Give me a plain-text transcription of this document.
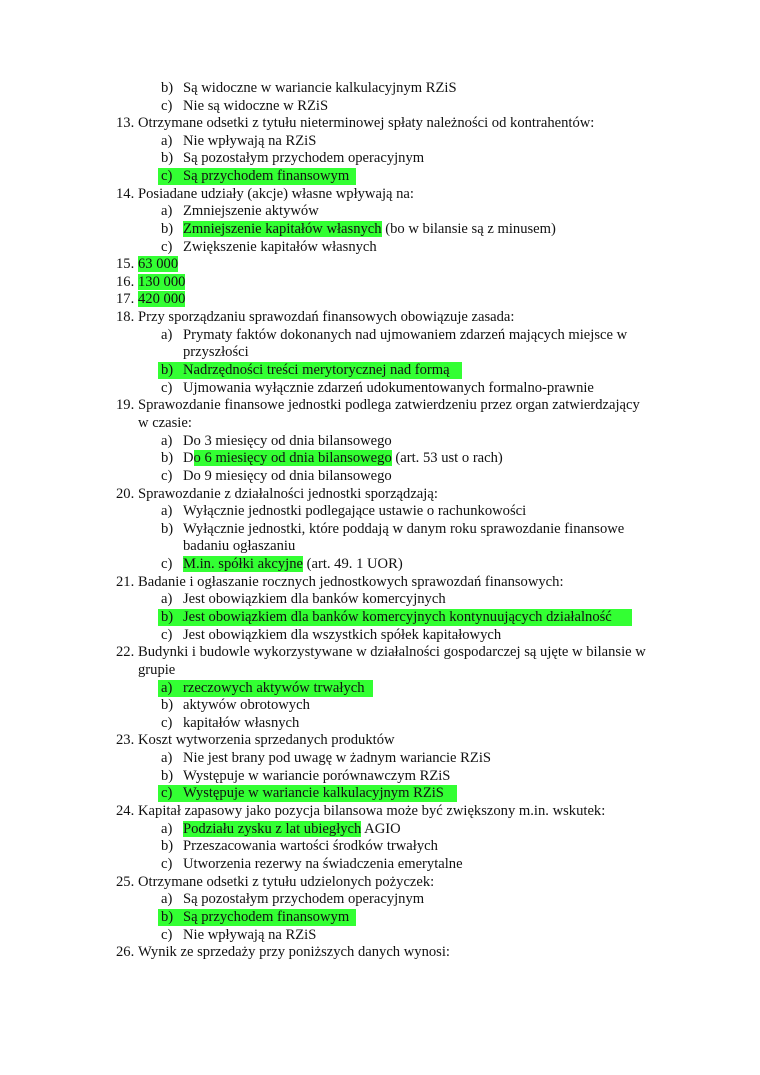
b) Są widoczne w wariancie kalkulacyjnym RZiS
c) Nie są widoczne w RZiS
13. Otrzymane odsetki z tytułu nieterminowej spłaty należności od kontrahentów:
a) Nie wpływają na RZiS
b) Są pozostałym przychodem operacyjnym
c) Są przychodem finansowym
14. Posiadane udziały (akcje) własne wpływają na:
a) Zmniejszenie aktywów
b) Zmniejszenie kapitałów własnych (bo w bilansie są z minusem)
c) Zwiększenie kapitałów własnych
15. 63 000
16. 130 000
17. 420 000
18. Przy sporządzaniu sprawozdań finansowych obowiązuje zasada:
a) Prymaty faktów dokonanych nad ujmowaniem zdarzeń mających miejsce w
przyszłości
b) Nadrzędności treści merytorycznej nad formą
c) Ujmowania wyłącznie zdarzeń udokumentowanych formalno-prawnie
19. Sprawozdanie finansowe jednostki podlega zatwierdzeniu przez organ zatwierdzający
w czasie:
a) Do 3 miesięcy od dnia bilansowego
b) Do 6 miesięcy od dnia bilansowego (art. 53 ust o rach)
c) Do 9 miesięcy od dnia bilansowego
20. Sprawozdanie z działalności jednostki sporządzają:
a) Wyłącznie jednostki podlegające ustawie o rachunkowości
b) Wyłącznie jednostki, które poddają w danym roku sprawozdanie finansowe
badaniu ogłaszaniu
c) M.in. spółki akcyjne (art. 49. 1 UOR)
21. Badanie i ogłaszanie rocznych jednostkowych sprawozdań finansowych:
a) Jest obowiązkiem dla banków komercyjnych
b) Jest obowiązkiem dla banków komercyjnych kontynuujących działalność
c) Jest obowiązkiem dla wszystkich spółek kapitałowych
22. Budynki i budowle wykorzystywane w działalności gospodarczej są ujęte w bilansie w
grupie
a) rzeczowych aktywów trwałych
b) aktywów obrotowych
c) kapitałów własnych
23. Koszt wytworzenia sprzedanych produktów
a) Nie jest brany pod uwagę w żadnym wariancie RZiS
b) Występuje w wariancie porównawczym RZiS
c) Występuje w wariancie kalkulacyjnym RZiS
24. Kapitał zapasowy jako pozycja bilansowa może być zwiększony m.in. wskutek:
a) Podziału zysku z lat ubiegłych AGIO
b) Przeszacowania wartości środków trwałych
c) Utworzenia rezerwy na świadczenia emerytalne
25. Otrzymane odsetki z tytułu udzielonych pożyczek:
a) Są pozostałym przychodem operacyjnym
b) Są przychodem finansowym
c) Nie wpływają na RZiS
26. Wynik ze sprzedaży przy poniższych danych wynosi:
